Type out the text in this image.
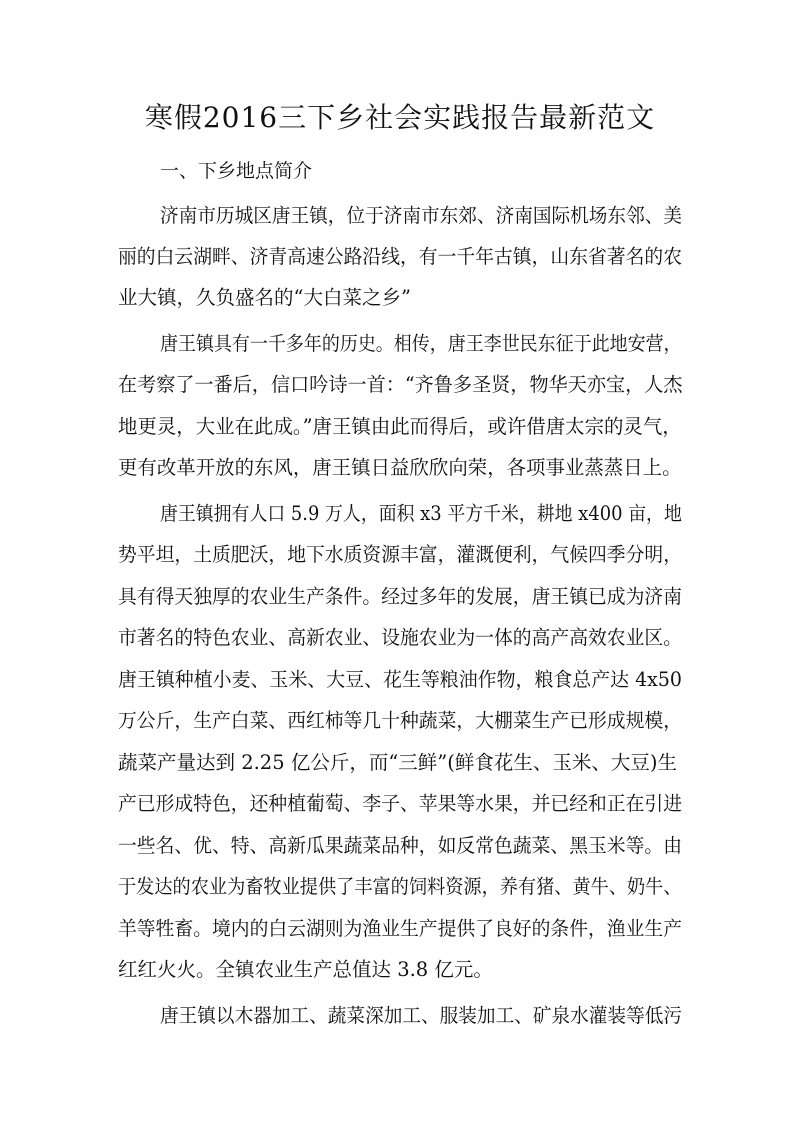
寒假2016三下乡社会实践报告最新范文
一、下乡地点简介
济南市历城区唐王镇，位于济南市东郊、济南国际机场东邻、美
丽的白云湖畔、济青高速公路沿线，有一千年古镇，山东省著名的农
业大镇，久负盛名的“大白菜之乡”
唐王镇具有一千多年的历史。相传，唐王李世民东征于此地安营，
在考察了一番后，信口吟诗一首：“齐鲁多圣贤，物华天亦宝，人杰
地更灵，大业在此成。”唐王镇由此而得后，或许借唐太宗的灵气，
更有改革开放的东风，唐王镇日益欣欣向荣，各项事业蒸蒸日上。
唐王镇拥有人口 5.9 万人，面积 x3 平方千米，耕地 x400 亩，地
势平坦，土质肥沃，地下水质资源丰富，灌溉便利，气候四季分明，
具有得天独厚的农业生产条件。经过多年的发展，唐王镇已成为济南
市著名的特色农业、高新农业、设施农业为一体的高产高效农业区。
唐王镇种植小麦、玉米、大豆、花生等粮油作物，粮食总产达 4x50
万公斤，生产白菜、西红柿等几十种蔬菜，大棚菜生产已形成规模，
蔬菜产量达到 2.25 亿公斤，而“三鲜”(鲜食花生、玉米、大豆)生
产已形成特色，还种植葡萄、李子、苹果等水果，并已经和正在引进
一些名、优、特、高新瓜果蔬菜品种，如反常色蔬菜、黑玉米等。由
于发达的农业为畜牧业提供了丰富的饲料资源，养有猪、黄牛、奶牛、
羊等牲畜。境内的白云湖则为渔业生产提供了良好的条件，渔业生产
红红火火。全镇农业生产总值达 3.8 亿元。
唐王镇以木器加工、蔬菜深加工、服装加工、矿泉水灌装等低污
